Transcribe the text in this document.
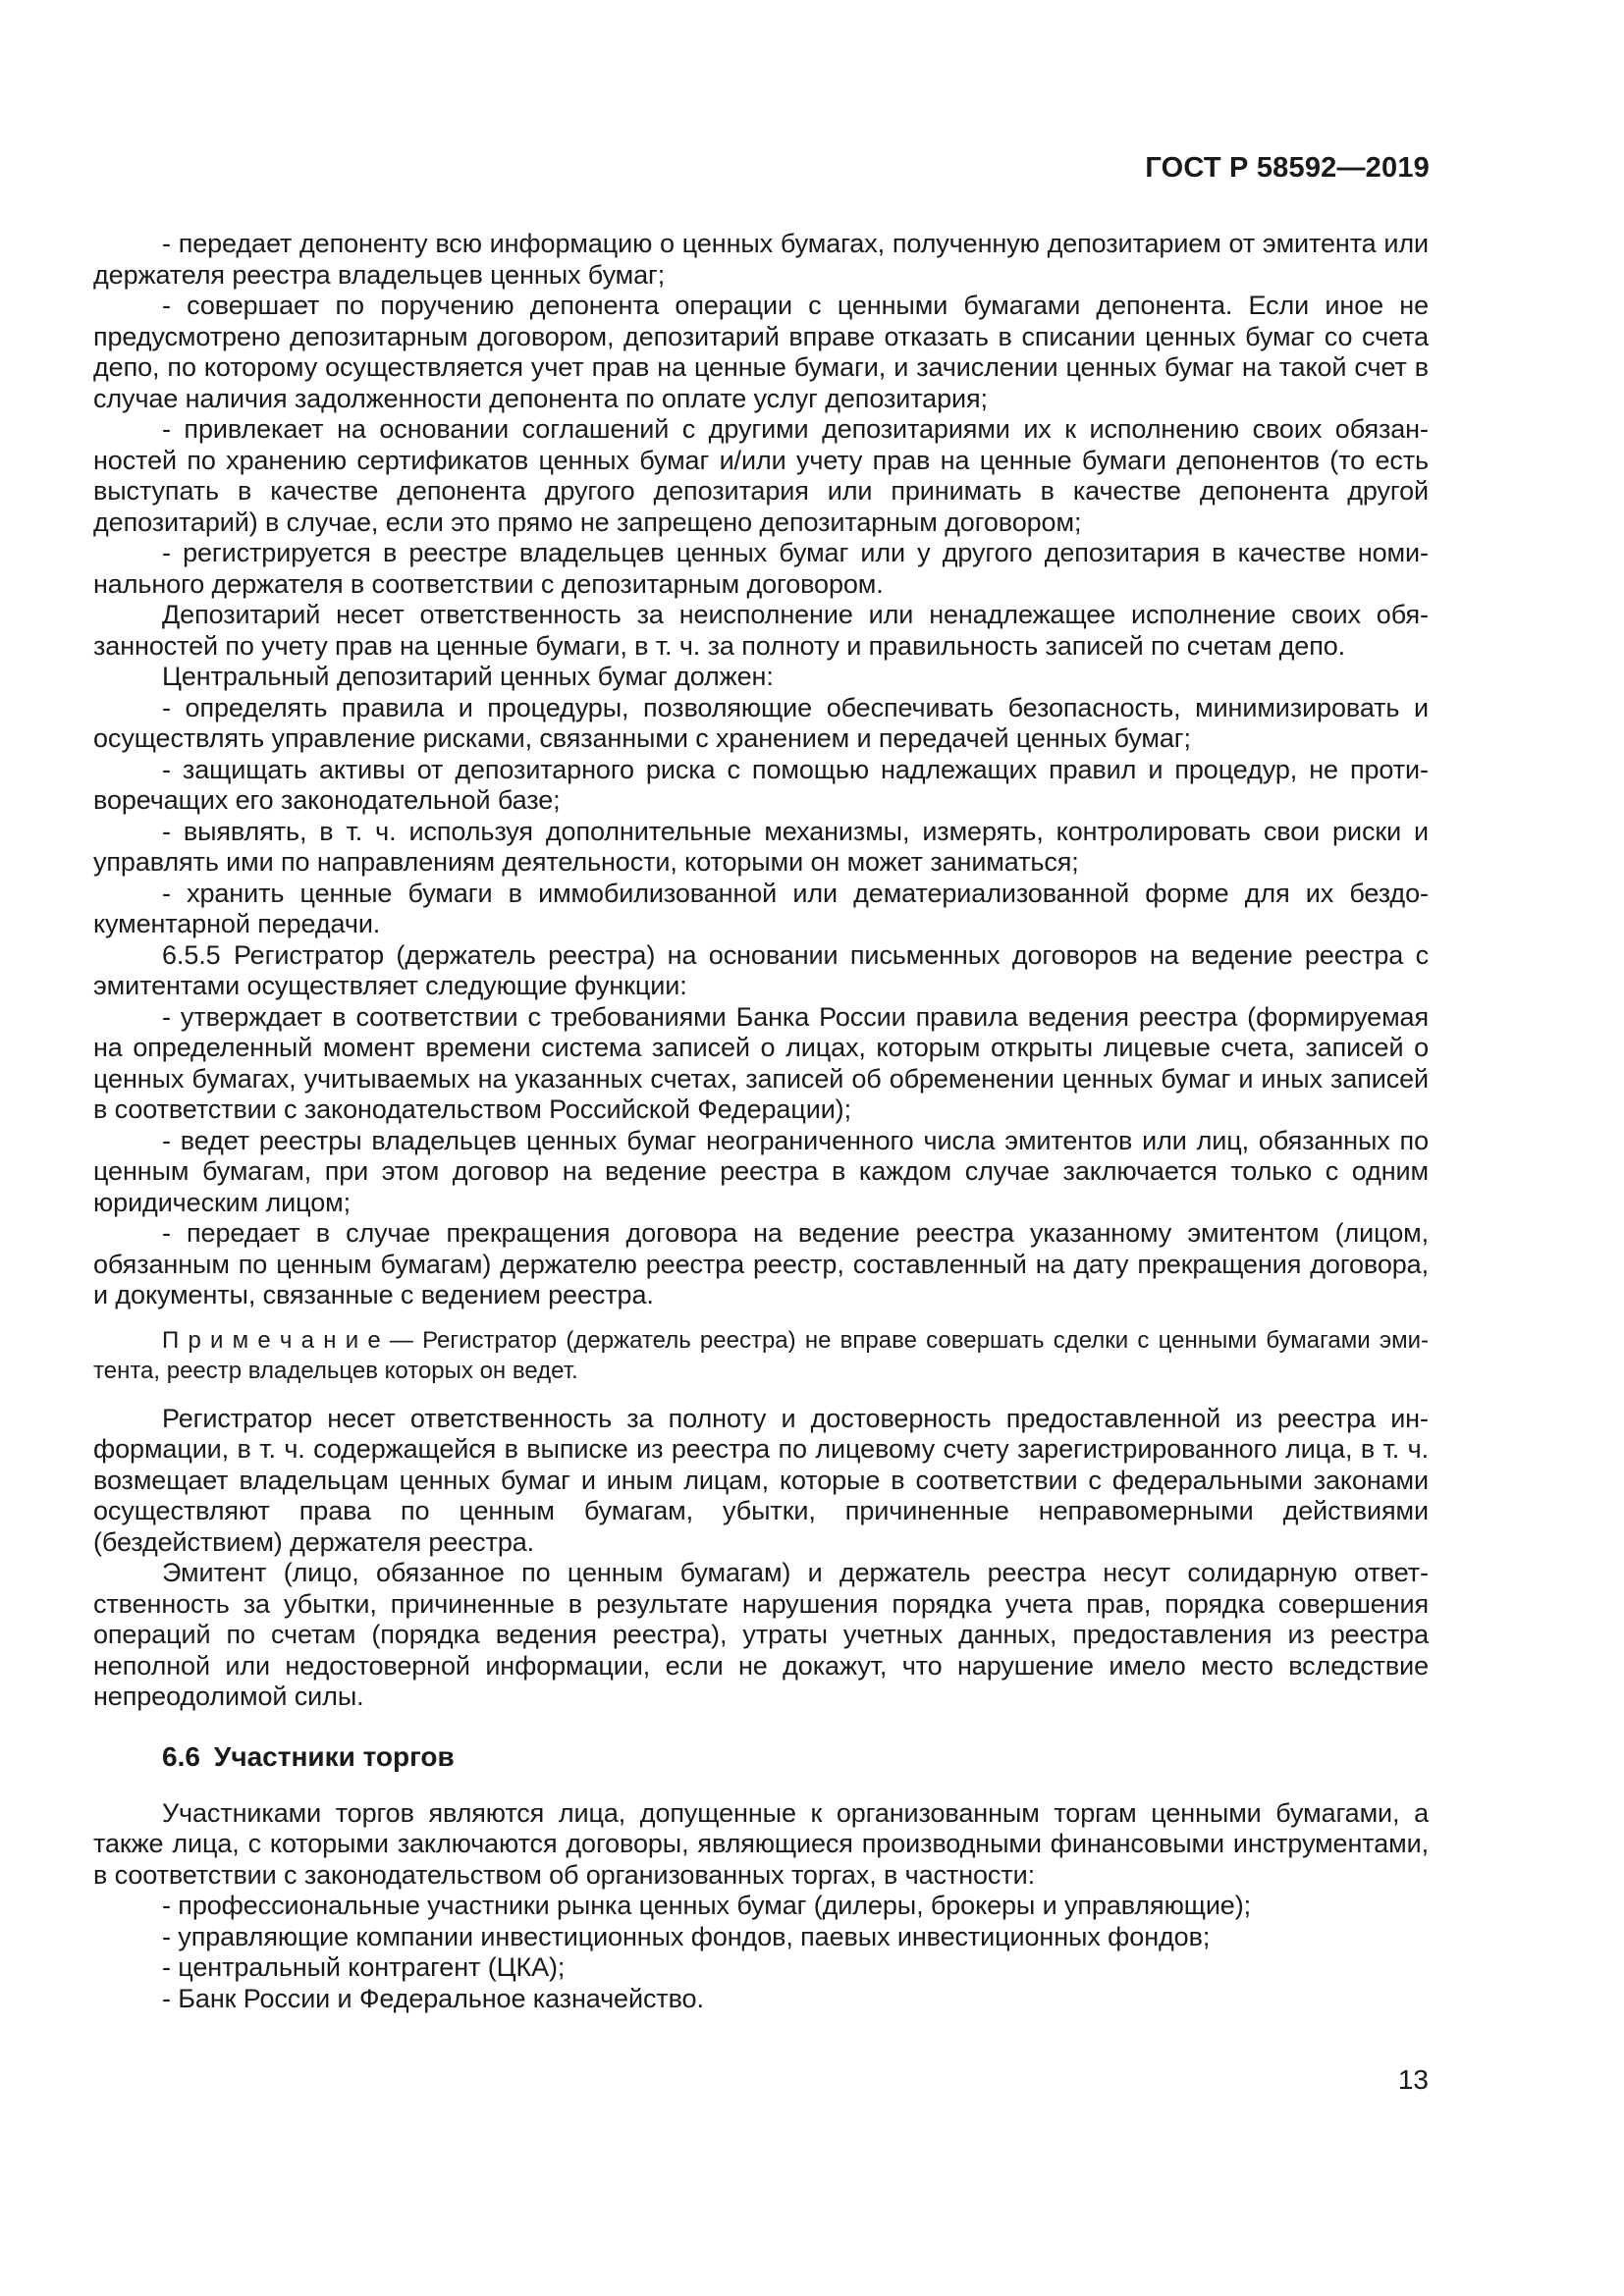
ГОСТ Р 58592—2019

- передает депоненту всю информацию о ценных бумагах, полученную депозитарием от эмитента или держателя реестра владельцев ценных бумаг;

- совершает по поручению депонента операции с ценными бумагами депонента. Если иное не предусмотрено депозитарным договором, депозитарий вправе отказать в списании ценных бумаг со счета депо, по которому осуществляется учет прав на ценные бумаги, и зачислении ценных бумаг на такой счет в случае наличия задолженности депонента по оплате услуг депозитария;

- привлекает на основании соглашений с другими депозитариями их к исполнению своих обязанностей по хранению сертификатов ценных бумаг и/или учету прав на ценные бумаги депонентов (то есть выступать в качестве депонента другого депозитария или принимать в качестве депонента другой депозитарий) в случае, если это прямо не запрещено депозитарным договором;

- регистрируется в реестре владельцев ценных бумаг или у другого депозитария в качестве номинального держателя в соответствии с депозитарным договором.

Депозитарий несет ответственность за неисполнение или ненадлежащее исполнение своих обязанностей по учету прав на ценные бумаги, в т. ч. за полноту и правильность записей по счетам депо.

Центральный депозитарий ценных бумаг должен:

- определять правила и процедуры, позволяющие обеспечивать безопасность, минимизировать и осуществлять управление рисками, связанными с хранением и передачей ценных бумаг;

- защищать активы от депозитарного риска с помощью надлежащих правил и процедур, не противоречащих его законодательной базе;

- выявлять, в т. ч. используя дополнительные механизмы, измерять, контролировать свои риски и управлять ими по направлениям деятельности, которыми он может заниматься;

- хранить ценные бумаги в иммобилизованной или дематериализованной форме для их бездокументарной передачи.

6.5.5 Регистратор (держатель реестра) на основании письменных договоров на ведение реестра с эмитентами осуществляет следующие функции:

- утверждает в соответствии с требованиями Банка России правила ведения реестра (формируемая на определенный момент времени система записей о лицах, которым открыты лицевые счета, записей о ценных бумагах, учитываемых на указанных счетах, записей об обременении ценных бумаг и иных записей в соответствии с законодательством Российской Федерации);

- ведет реестры владельцев ценных бумаг неограниченного числа эмитентов или лиц, обязанных по ценным бумагам, при этом договор на ведение реестра в каждом случае заключается только с одним юридическим лицом;

- передает в случае прекращения договора на ведение реестра указанному эмитентом (лицом, обязанным по ценным бумагам) держателю реестра реестр, составленный на дату прекращения договора, и документы, связанные с ведением реестра.

П р и м е ч а н и е — Регистратор (держатель реестра) не вправе совершать сделки с ценными бумагами эмитента, реестр владельцев которых он ведет.

Регистратор несет ответственность за полноту и достоверность предоставленной из реестра информации, в т. ч. содержащейся в выписке из реестра по лицевому счету зарегистрированного лица, в т. ч. возмещает владельцам ценных бумаг и иным лицам, которые в соответствии с федеральными законами осуществляют права по ценным бумагам, убытки, причиненные неправомерными действиями (бездействием) держателя реестра.

Эмитент (лицо, обязанное по ценным бумагам) и держатель реестра несут солидарную ответственность за убытки, причиненные в результате нарушения порядка учета прав, порядка совершения операций по счетам (порядка ведения реестра), утраты учетных данных, предоставления из реестра неполной или недостоверной информации, если не докажут, что нарушение имело место вследствие непреодолимой силы.

6.6 Участники торгов

Участниками торгов являются лица, допущенные к организованным торгам ценными бумагами, а также лица, с которыми заключаются договоры, являющиеся производными финансовыми инструментами, в соответствии с законодательством об организованных торгах, в частности:

- профессиональные участники рынка ценных бумаг (дилеры, брокеры и управляющие);

- управляющие компании инвестиционных фондов, паевых инвестиционных фондов;

- центральный контрагент (ЦКА);

- Банк России и Федеральное казначейство.

13
